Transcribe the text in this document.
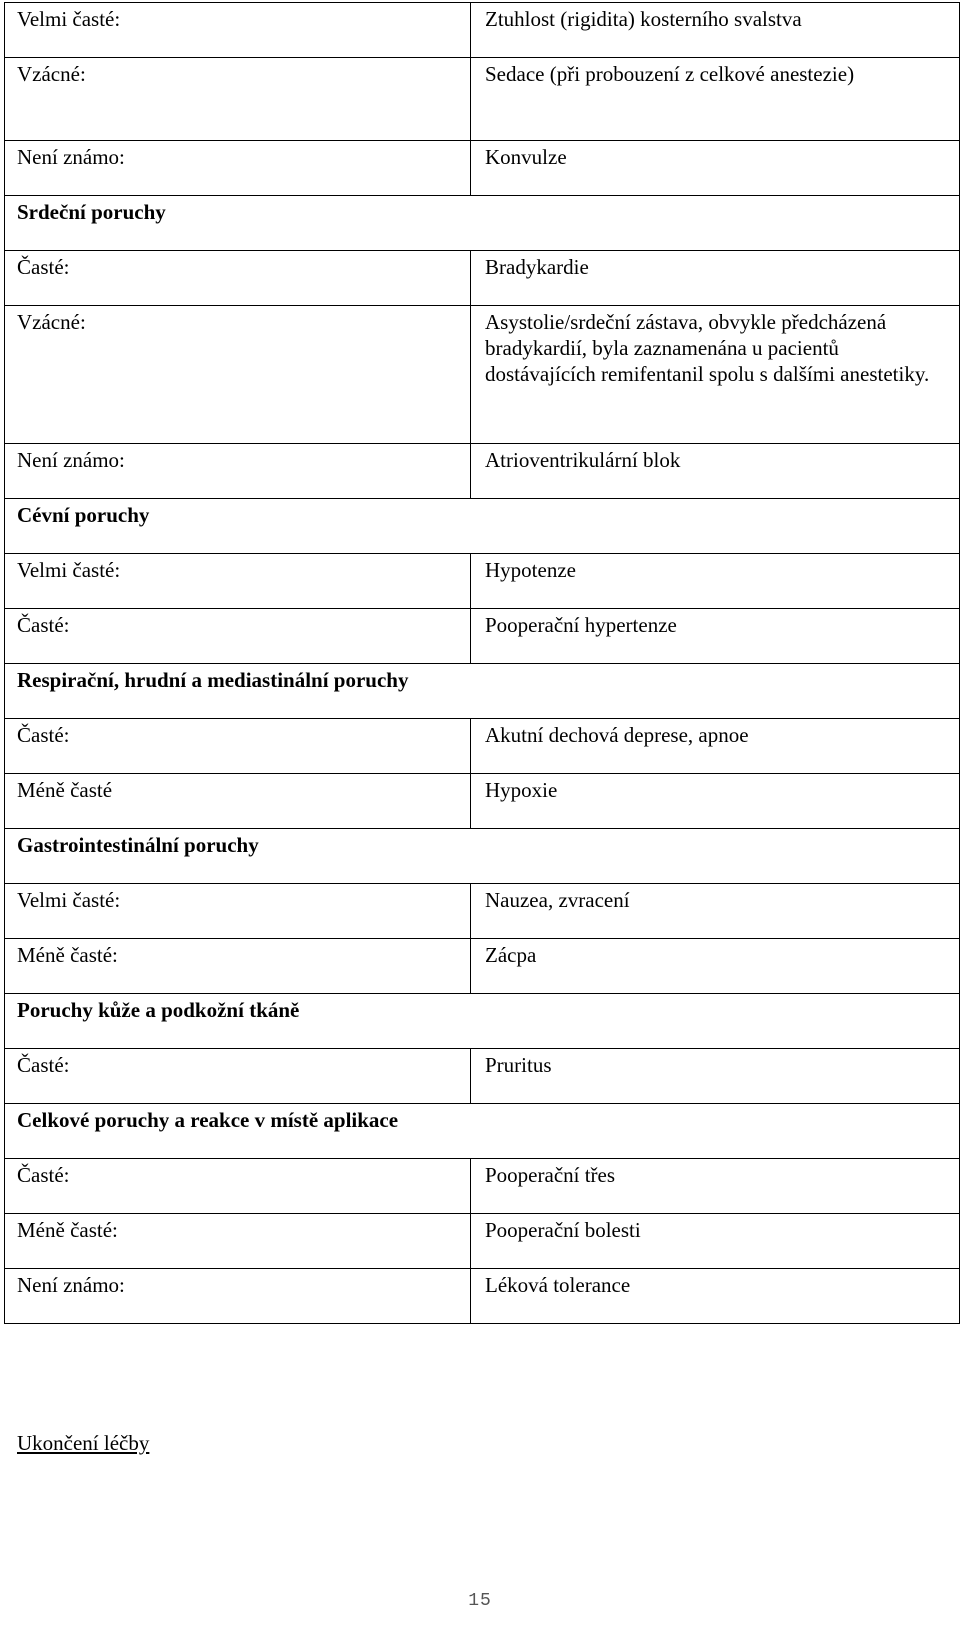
Velmi časté:	Ztuhlost (rigidita) kosterního svalstva

Vzácné:	Sedace (při probouzení z celkové anestezie)

Není známo:	Konvulze

Srdeční poruchy	

Časté:	Bradykardie

Vzácné:	Asystolie/srdeční zástava, obvykle předcházená bradykardií, byla zaznamenána u pacientů dostávajících remifentanil spolu s dalšími anestetiky.

Není známo:	Atrioventrikulární blok

Cévní poruchy	

Velmi časté:	Hypotenze

Časté:	Pooperační hypertenze

Respirační, hrudní a mediastinální poruchy	

Časté:	Akutní dechová deprese, apnoe

Méně časté	Hypoxie

Gastrointestinální poruchy	

Velmi časté:	Nauzea, zvracení

Méně časté:	Zácpa

Poruchy kůže a podkožní tkáně	

Časté:	Pruritus

Celkové poruchy a reakce v místě aplikace	

Časté:	Pooperační třes

Méně časté:	Pooperační bolesti

Není známo:	Léková tolerance
Ukončení léčby
15
